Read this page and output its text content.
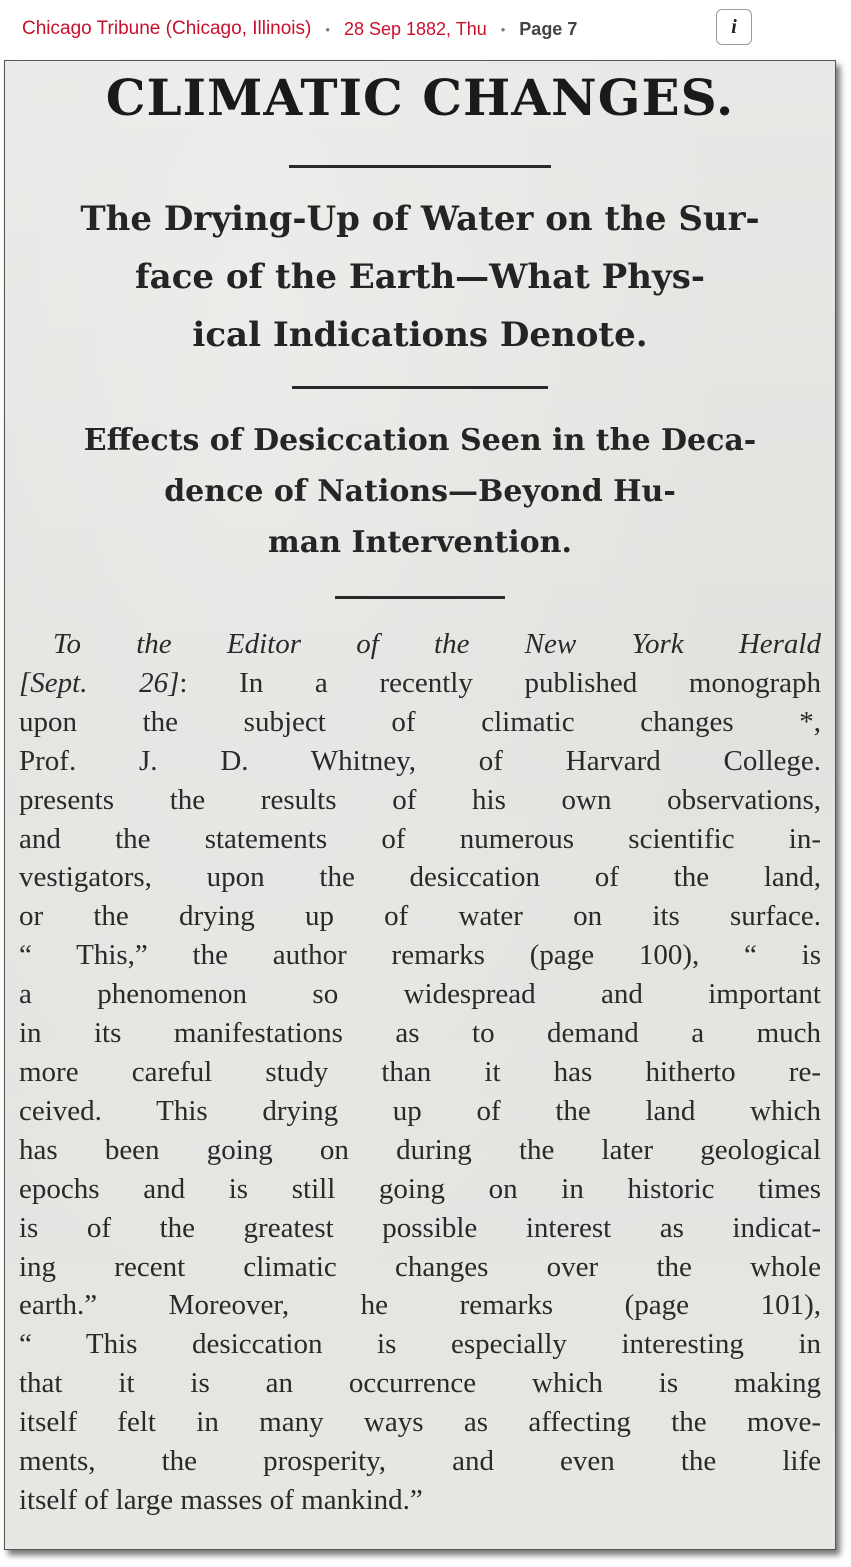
Chicago Tribune (Chicago, Illinois) • 28 Sep 1882, Thu • Page 7	i
CLIMATIC CHANGES.
The Drying-Up of Water on the Sur-
face of the Earth—What Phys-
ical Indications Denote.
Effects of Desiccation Seen in the Deca-
dence of Nations—Beyond Hu-
man Intervention.
To the Editor of the New York Herald
[Sept. 26]: In a recently published monograph
upon the subject of climatic changes *,
Prof. J. D. Whitney, of Harvard College.
presents the results of his own observations,
and the statements of numerous scientific in-
vestigators, upon the desiccation of the land,
or the drying up of water on its surface.
“ This,” the author remarks (page 100), “ is
a phenomenon so widespread and important
in its manifestations as to demand a much
more careful study than it has hitherto re-
ceived. This drying up of the land which
has been going on during the later geological
epochs and is still going on in historic times
is of the greatest possible interest as indicat-
ing recent climatic changes over the whole
earth.” Moreover, he remarks (page 101),
“ This desiccation is especially interesting in
that it is an occurrence which is making
itself felt in many ways as affecting the move-
ments, the prosperity, and even the life
itself of large masses of mankind.”
